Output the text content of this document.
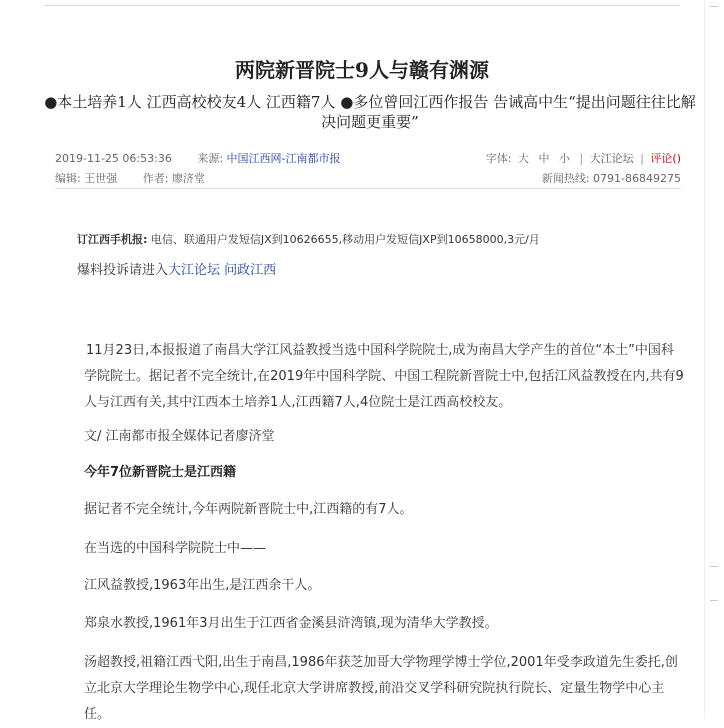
两院新晋院士9人与赣有渊源

●本土培养1人 江西高校校友4人 江西籍7人 ●多位曾回江西作报告 告诫高中生“提出问题往往比解决问题更重要”

2019-11-25 06:53:36 来源: 中国江西网-江南都市报	字体: 大 中 小 | 大江论坛 | 评论()
编辑: 王世强 作者: 廖济堂	新闻热线: 0791-86849275
订江西手机报: 电信、联通用户发短信JX到10626655,移动用户发短信JXP到10658000,3元/月
爆料投诉请进入大江论坛 问政江西

11月23日,本报报道了南昌大学江风益教授当选中国科学院院士,成为南昌大学产生的首位“本土”中国科学院院士。据记者不完全统计,在2019年中国科学院、中国工程院新晋院士中,包括江风益教授在内,共有9人与江西有关,其中江西本土培养1人,江西籍7人,4位院士是江西高校校友。

文/ 江南都市报全媒体记者廖济堂

今年7位新晋院士是江西籍

据记者不完全统计,今年两院新晋院士中,江西籍的有7人。

在当选的中国科学院院士中——

江风益教授,1963年出生,是江西余干人。

郑泉水教授,1961年3月出生于江西省金溪县浒湾镇,现为清华大学教授。

汤超教授,祖籍江西弋阳,出生于南昌,1986年获芝加哥大学物理学博士学位,2001年受李政道先生委托,创立北京大学理论生物学中心,现任北京大学讲席教授,前沿交叉学科研究院执行院长、定量生物学中心主任。
